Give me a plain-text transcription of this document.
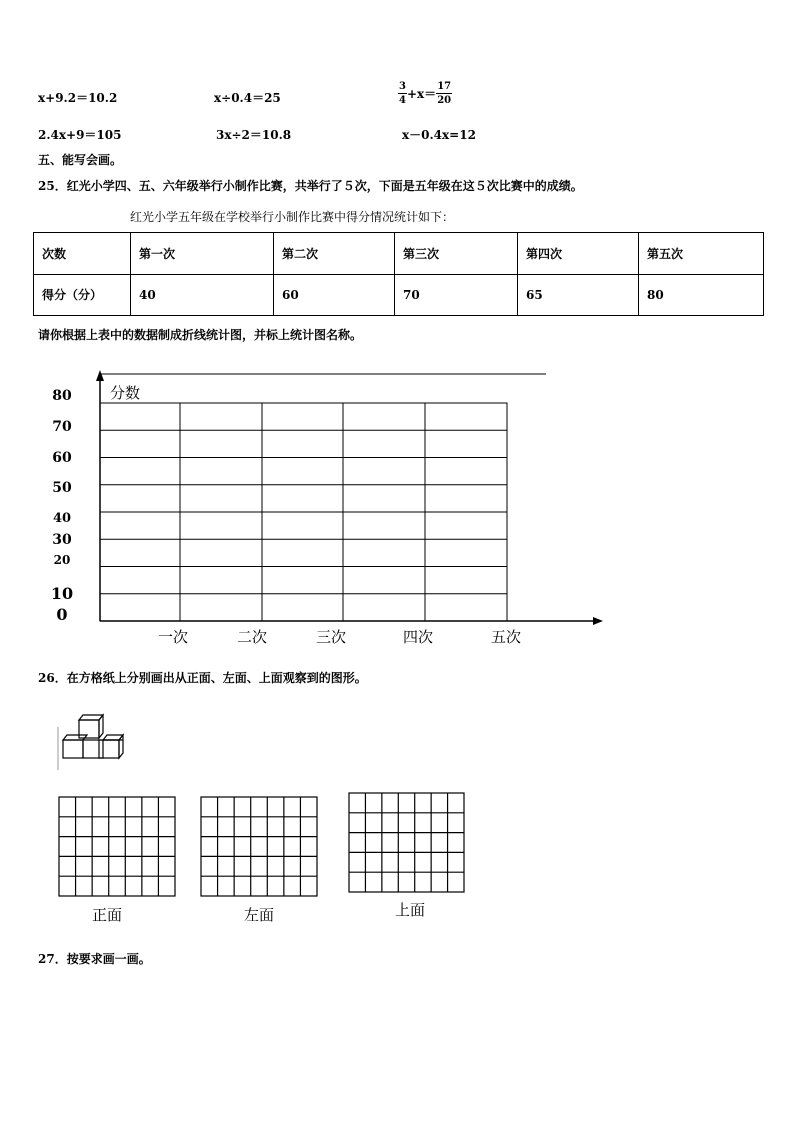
x+9.2＝10.2	x÷0.4＝25	$\frac{3}{4} +x= \frac{17}{20}$
2.4x+9＝105	3x÷2＝10.8	x－0.4x=12
五、能写会画。
25．红光小学四、五、六年级举行小制作比赛，共举行了５次，下面是五年级在这５次比赛中的成绩。
红光小学五年级在学校举行小制作比赛中得分情况统计如下：
次数	第一次	第二次	第三次	第四次	第五次
得分（分）	40	60	70	65	80
请你根据上表中的数据制成折线统计图，并标上统计图名称。
分数
80
70
60
50
40
30
20
10
0
一次	二次	三次	四次	五次
26．在方格纸上分别画出从正面、左面、上面观察到的图形。
正面	左面	上面
27．按要求画一画。
